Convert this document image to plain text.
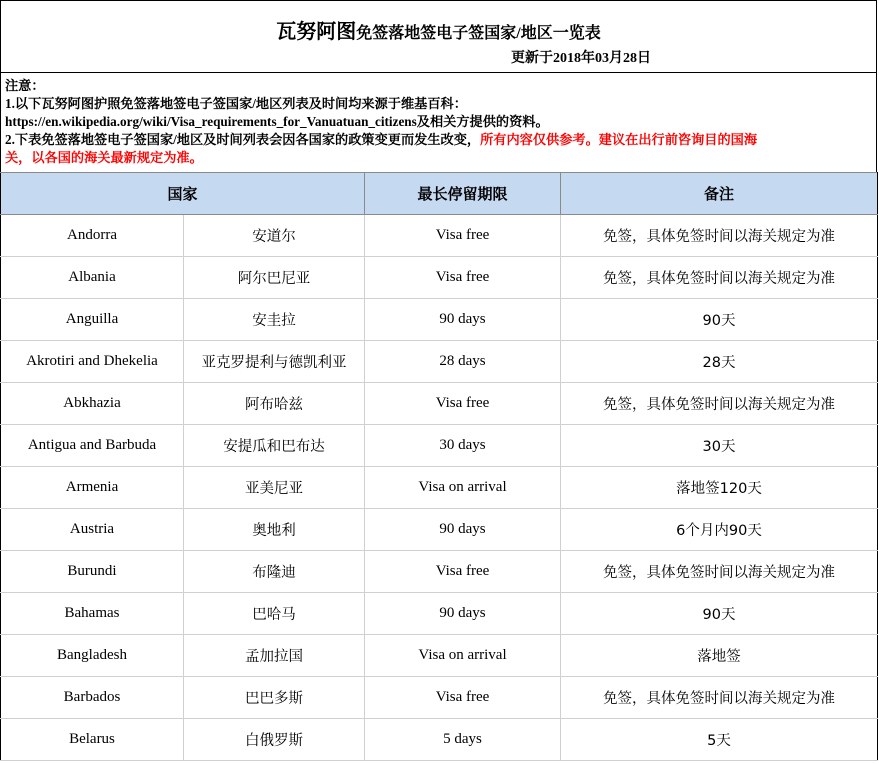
瓦努阿图免签落地签电子签国家/地区一览表
更新于2018年03月28日
注意：
1.以下瓦努阿图护照免签落地签电子签国家/地区列表及时间均来源于维基百科：
https://en.wikipedia.org/wiki/Visa_requirements_for_Vanuatuan_citizens及相关方提供的资料。
2.下表免签落地签电子签国家/地区及时间列表会因各国家的政策变更而发生改变，所有内容仅供参考。建议在出行前咨询目的国海
关，以各国的海关最新规定为准。
国家		最长停留期限	备注
Andorra	安道尔	Visa free	免签，具体免签时间以海关规定为准
Albania	阿尔巴尼亚	Visa free	免签，具体免签时间以海关规定为准
Anguilla	安圭拉	90 days	90天
Akrotiri and Dhekelia	亚克罗提利与德凯利亚	28 days	28天
Abkhazia	阿布哈兹	Visa free	免签，具体免签时间以海关规定为准
Antigua and Barbuda	安提瓜和巴布达	30 days	30天
Armenia	亚美尼亚	Visa on arrival	落地签120天
Austria	奥地利	90 days	6个月内90天
Burundi	布隆迪	Visa free	免签，具体免签时间以海关规定为准
Bahamas	巴哈马	90 days	90天
Bangladesh	孟加拉国	Visa on arrival	落地签
Barbados	巴巴多斯	Visa free	免签，具体免签时间以海关规定为准
Belarus	白俄罗斯	5 days	5天
